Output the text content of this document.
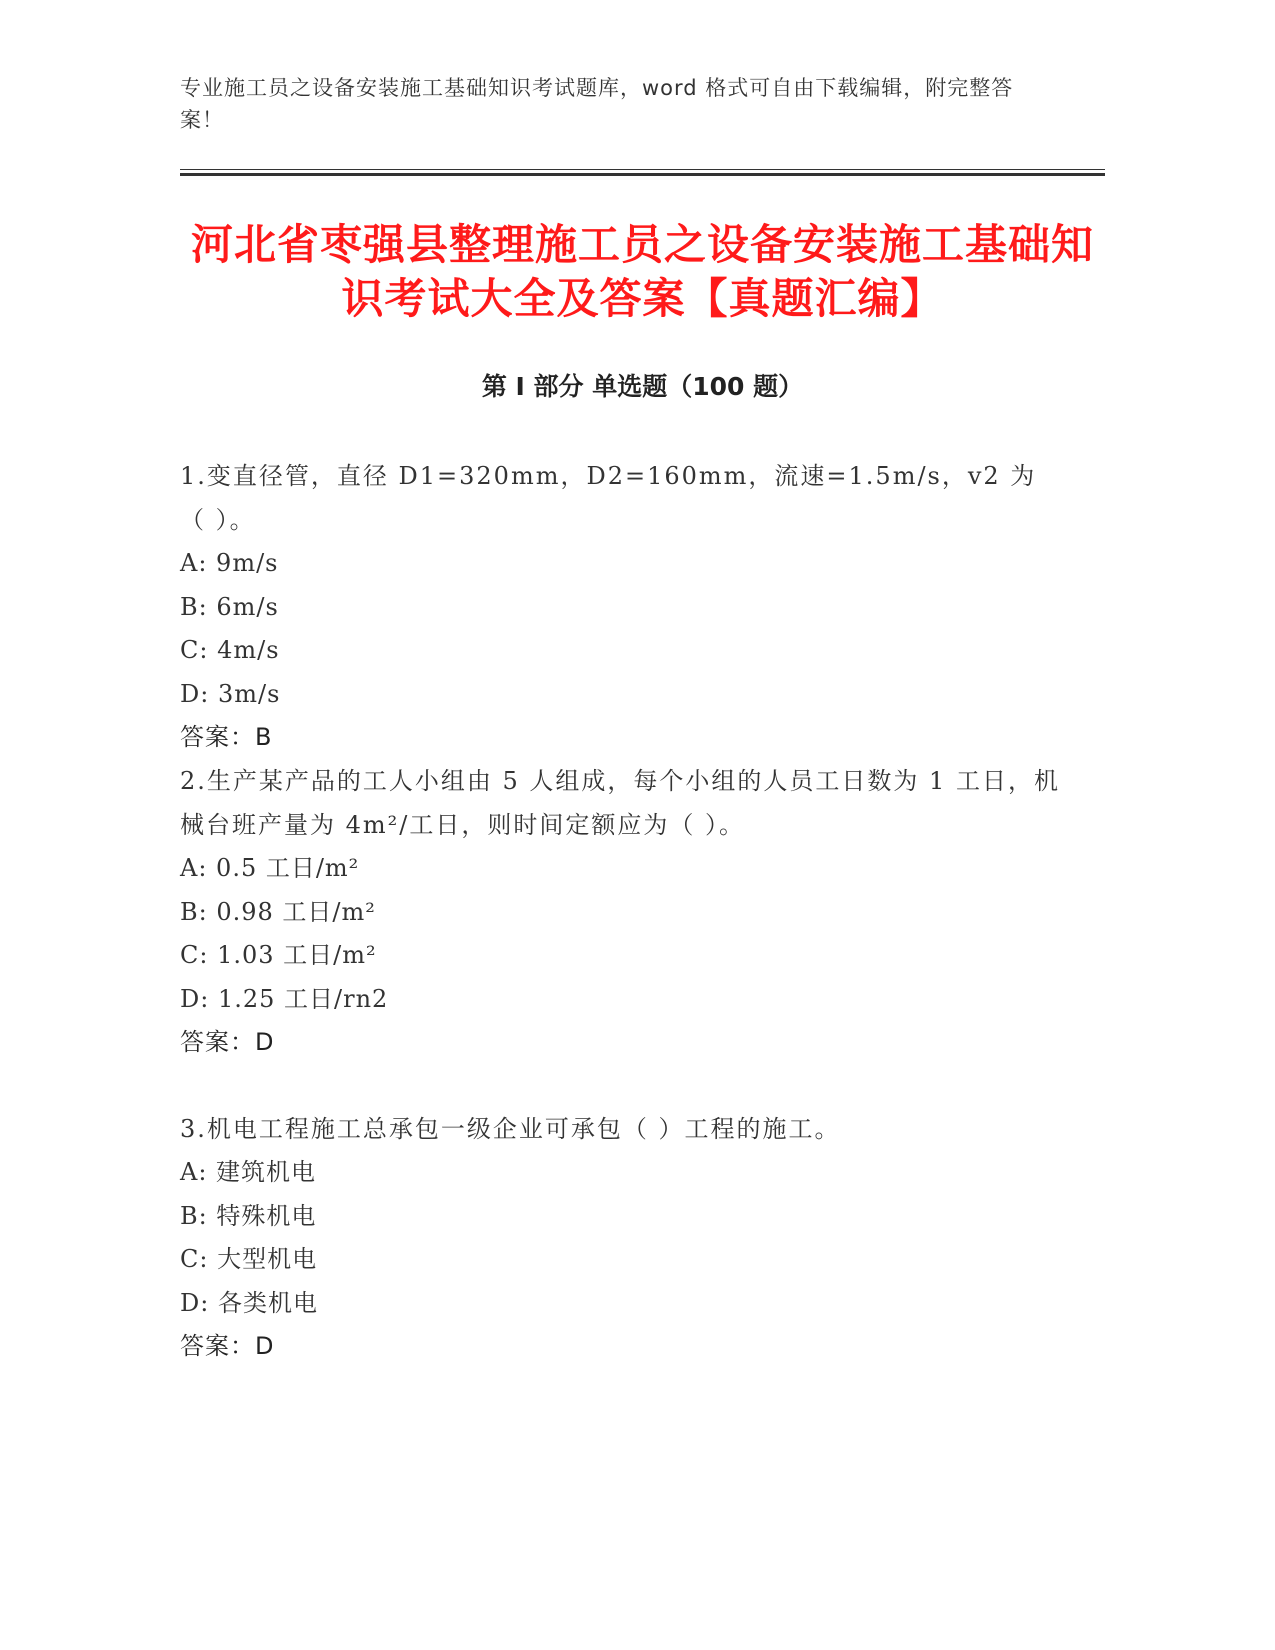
专业施工员之设备安装施工基础知识考试题库，word 格式可自由下载编辑，附完整答案！
河北省枣强县整理施工员之设备安装施工基础知识考试大全及答案【真题汇编】
第 I 部分 单选题（100 题）

1.变直径管，直径 D1=320mm，D2=160mm，流速=1.5m/s，v2 为（ ）。

A: 9m/s
B: 6m/s
C: 4m/s
D: 3m/s
答案：B

2.生产某产品的工人小组由 5 人组成，每个小组的人员工日数为 1 工日，机械台班产量为 4m²/工日，则时间定额应为（ ）。

A: 0.5 工日/m²
B: 0.98 工日/m²
C: 1.03 工日/m²
D: 1.25 工日/rn2
答案：D

3.机电工程施工总承包一级企业可承包（ ）工程的施工。

A: 建筑机电
B: 特殊机电
C: 大型机电
D: 各类机电
答案：D
